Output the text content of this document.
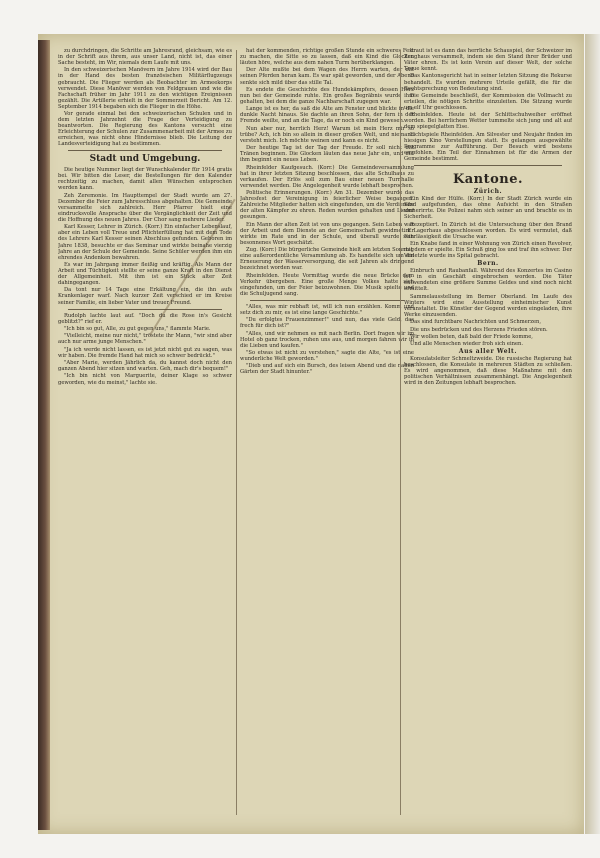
zu durchdringen, die Schritte am Jahresrand, gleichsam, wie es in der Schrift aus ihrem, aus unser Land, nicht ist, das einer Sache besteht, im Wir, niemals dem Laufe mit uns.

In den schweizerischen Manövern im Jahre 1914 wird der Bau in der Hand des besten französischen Militärflugzeugs gebraucht. Die Flieger werden als Beobachter im Armeekorps verwendet. Diese Manöver werden von Feldgrauen und wie die Fachschaft früher im Jahr 1911 zu den wichtigen Ereignissen gezählt. Die Artillerie erhielt in der Sommerzeit Bericht. Am 12. September 1914 begaben sich die Flieger in die Höhe.

Vor gerade einmal bei den schweizerischen Schulen und in dem letzten Jahrzehnt die Frage der Verteidigung zu beantworten. Die Regierung des Kantons versucht eine Erleichterung der Schulen zur Zusammenarbeit mit der Armee zu erreichen, was nicht ohne Hindernisse blieb. Die Leitung der Landesverteidigung hat zu bestimmen.

Stadt und Umgebung.

Die heutige Nummer liegt der Wunschkalender für 1914 gratis bei. Wir bitten die Leser, die Bestellungen für den Kalender rechtzeitig zu machen, damit allen Wünschen entsprochen werden kann.

Zeh Zeremonie. Im Haupttempel der Stadt wurde am 27. Dezember die Feier zum Jahresschluss abgehalten. Die Gemeinde versammelte sich zahlreich. Herr Pfarrer hielt eine eindrucksvolle Ansprache über die Vergänglichkeit der Zeit und die Hoffnung des neuen Jahres. Der Chor sang mehrere Lieder.

Karl Kesser, Lehrer in Zürich. (Korr.) Ein einfacher Lebenslauf, aber ein Leben voll Treue und Pflichterfüllung hat mit dem Tode des Lehrers Karl Kesser seinen Abschluss gefunden. Geboren im Jahre 1838, besuchte er das Seminar und wirkte beinahe vierzig Jahre an der Schule der Gemeinde. Seine Schüler werden ihm ein ehrendes Andenken bewahren.

Es war im Jahrgang immer fleißig und kräftig. Als Mann der Arbeit und Tüchtigkeit stellte er seine ganze Kraft in den Dienst der Allgemeinheit. Mit ihm ist ein Stück alter Zeit dahingegangen.

Da tont nur 14 Tage eine Erkältung ein, die ihn aufs Krankenlager warf. Nach kurzer Zeit verschied er im Kreise seiner Familie, ein lieber Vater und treuer Freund.

Rudolph lachte laut auf. "Doch du die Rose in's Gesicht geblitzt?" rief er.

"Ich bin so gut, Alle, zu gut gegen uns," flammte Marie.

"Vielleicht, meine nur nicht," tröstete ihr Mann, "wir sind aber auch nur arme junge Menschen."

"Ja ich werde nicht lassen, es ist jetzt nicht gut zu sagen, was wir haben. Die fremde Hand hat mich so schwer bedrückt."

"Aber Marie, werden Jährlich da, du kannst doch nicht den ganzen Abend hier sitzen und warten. Geh, mach dir's bequem!"

"Ich bin nicht von Marguerite, deiner Klage so schwer geworden, wie du meinst," lachte sie.

hat der kommenden, richtige großen Stunde ein schweres Fest zu machen, die Sitte so zu lassen, daß ein Kind die Glocken läuten höre, welche aus dem nahen Turm herüberklangen.

Der Alte mußte bei dem Wagen des Herrn warten, der mit seinen Pferden heran kam. Es war spät geworden, und der Abend senkte sich mild über das stille Tal.

Es endete die Geschichte des Hundekämpfers, dessen Herz nun bei der Gemeinde ruhte. Ein großes Begräbnis wurde ihm gehalten, bei dem die ganze Nachbarschaft zugegen war.

Lange ist es her, da saß die Alte am Fenster und blickte in die dunkle Nacht hinaus. Sie dachte an ihren Sohn, der fern in der Fremde weilte, und an die Tage, da er noch ein Kind gewesen.

Nun aber nur, herrlich Herz! Warum ist mein Herz mir so trübe? Ach, ich bin so allein in dieser großen Welt, und niemand versteht mich. Ich möchte weinen und kann es nicht.

Der heutige Tag ist der Tag der Freude. Er soll nicht mit Tränen beginnen. Die Glocken läuten das neue Jahr ein, und mit ihm beginnt ein neues Leben.

Rheinfelder Kaufgesuch. (Korr.) Die Gemeindeversammlung hat in ihrer letzten Sitzung beschlossen, das alte Schulhaus zu verkaufen. Der Erlös soll zum Bau einer neuen Turnhalle verwendet werden. Die Angelegenheit wurde lebhaft besprochen.

Politische Erinnerungen. (Korr.) Am 31. Dezember wurde das Jahresfest der Vereinigung in feierlicher Weise begangen. Zahlreiche Mitglieder hatten sich eingefunden, um die Verdienste der alten Kämpfer zu ehren. Reden wurden gehalten und Lieder gesungen.

Ein Mann der alten Zeit ist von uns gegangen. Sein Leben war der Arbeit und dem Dienste an der Gemeinschaft gewidmet. Er wirkte im Rate und in der Schule, und überall wurde sein besonnenes Wort geschätzt.

Zug. (Korr.) Die bürgerliche Gemeinde hielt am letzten Sonntag eine außerordentliche Versammlung ab. Es handelte sich um die Erneuerung der Wasserversorgung, die seit Jahren als dringend bezeichnet worden war.

Rheinfelden. Heute Vormittag wurde die neue Brücke dem Verkehr übergeben. Eine große Menge Volkes hatte sich eingefunden, um der Feier beizuwohnen. Die Musik spielte und die Schuljugend sang.

"Alles, was mir rebhaft ist, will ich nun erzählen. Komm und setz dich zu mir, es ist eine lange Geschichte."

"Du erfolgtes Frauenzimmer!" und nun, das viele Geld, das frech für dich ist?"

"Alles, und wir nehmen es mit nach Berlin. Dort fragen wir im Hotel ob ganz trocken, ruhen uns aus, und morgen fahren wir in die Lieben und kaufen."

"So etwas ist nicht zu verstehen," sagte die Alte, "es ist eine wunderliche Welt geworden."

"Dieb und auf sich ein Bursch, des leisen Abend und die nahen Gärten der Stadt hinunter."

braut ist es dann das herrliche Schauspiel, der Schweizer im Zeughaus versammelt, indem sie den Stand ihrer Brüder und Väter ehren. Es ist kein Verein auf dieser Welt, der solche Treue kennt.

Das Kantonsgericht hat in seiner letzten Sitzung die Rekurse behandelt. Es wurden mehrere Urteile gefällt, die für die Rechtsprechung von Bedeutung sind.

Die Gemeinde beschließt, der Kommission die Vollmacht zu erteilen, die nötigen Schritte einzuleiten. Die Sitzung wurde um elf Uhr geschlossen.

Rheinfelden. Heute ist der Schlittschuhweiher eröffnet worden. Bei herrlichem Wetter tummelte sich jung und alt auf dem spiegelglatten Eise.

Lichtspiele Rheinfelden. Am Silvester und Neujahr finden im hiesigen Kino Vorstellungen statt. Es gelangen ausgewählte Programme zur Aufführung. Der Besuch wird bestens empfohlen. Ein Teil der Einnahmen ist für die Armen der Gemeinde bestimmt.

Kantone.
Zürich.

Ein Kind der Hülfe. (Korr.) In der Stadt Zürich wurde ein Kind aufgefunden, das ohne Aufsicht in den Straßen umherirrte. Die Polizei nahm sich seiner an und brachte es in Sicherheit.

Rezeptiert. In Zürich ist die Untersuchung über den Brand im Lagerhaus abgeschlossen worden. Es wird vermutet, daß Fahrlässigkeit die Ursache war.

Ein Knabe fand in einer Wohnung von Zürich einen Revolver, mit dem er spielte. Ein Schuß ging los und traf ihn schwer. Der Verletzte wurde ins Spital gebracht.

Bern.

Einbruch und Raubanfall. Während des Konzertes im Casino ist in ein Geschäft eingebrochen worden. Die Täter entwendeten eine größere Summe Geldes und sind noch nicht ermittelt.

Sammelausstellung im Berner Oberland. Im Laufe des Winters wird eine Ausstellung einheimischer Kunst veranstaltet. Die Künstler der Gegend werden eingeladen, ihre Werke einzusenden.

Das sind furchtbare Nachrichten und Schmerzen,

Die uns bedrücken und des Herzens Frieden stören.

Wir wollen beten, daß bald der Friede komme,

Und alle Menschen wieder froh sich einen.

Aus aller Welt.

Konsulatsleiter Schmeltzweide. Die russische Regierung hat beschlossen, die Konsulate in mehreren Städten zu schließen. Es wird angenommen, daß diese Maßnahme mit den politischen Verhältnissen zusammenhängt. Die Angelegenheit wird in den Zeitungen lebhaft besprochen.
